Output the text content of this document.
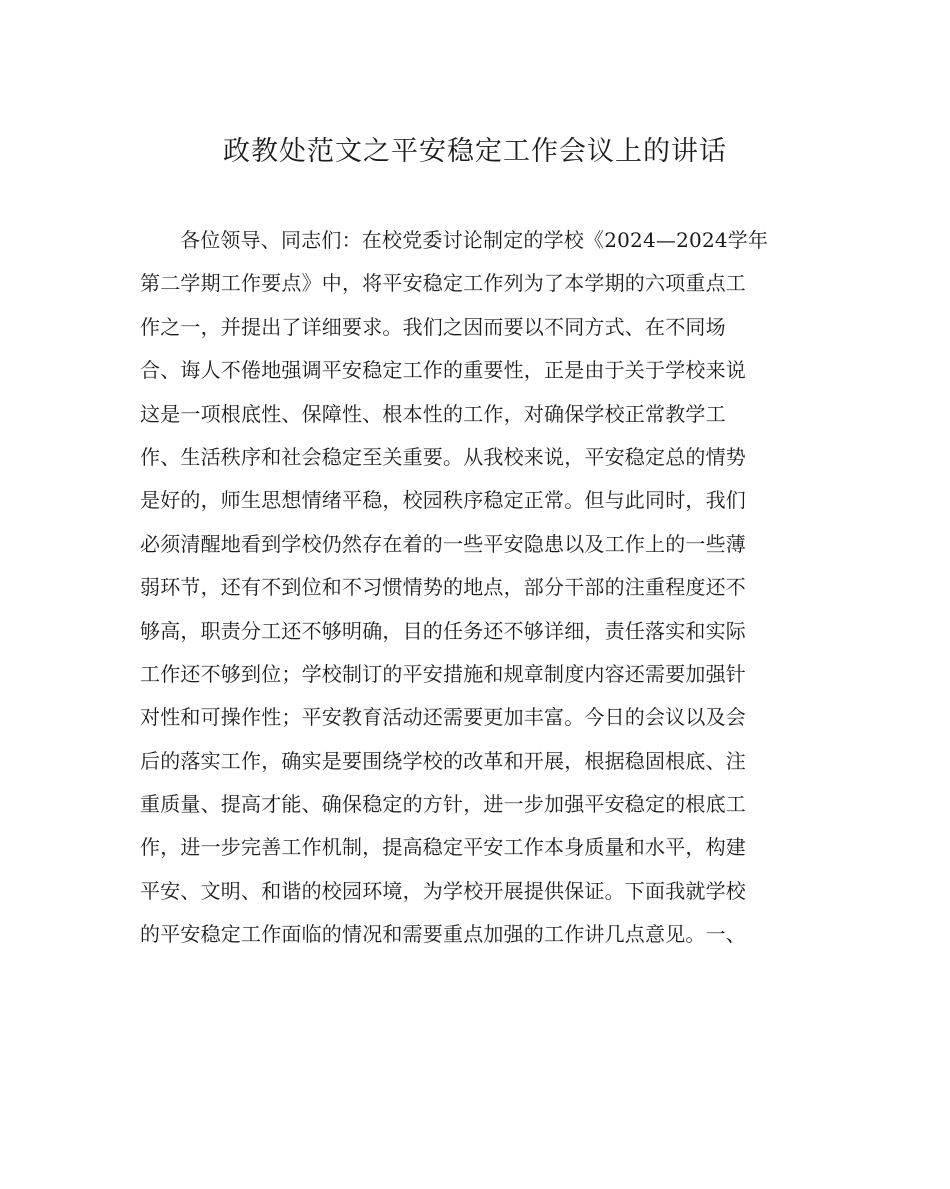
政教处范文之平安稳定工作会议上的讲话
各位领导、同志们：在校党委讨论制定的学校《2024—2024学年
第二学期工作要点》中，将平安稳定工作列为了本学期的六项重点工
作之一，并提出了详细要求。我们之因而要以不同方式、在不同场
合、诲人不倦地强调平安稳定工作的重要性，正是由于关于学校来说
这是一项根底性、保障性、根本性的工作，对确保学校正常教学工
作、生活秩序和社会稳定至关重要。从我校来说，平安稳定总的情势
是好的，师生思想情绪平稳，校园秩序稳定正常。但与此同时，我们
必须清醒地看到学校仍然存在着的一些平安隐患以及工作上的一些薄
弱环节，还有不到位和不习惯情势的地点，部分干部的注重程度还不
够高，职责分工还不够明确，目的任务还不够详细，责任落实和实际
工作还不够到位；学校制订的平安措施和规章制度内容还需要加强针
对性和可操作性；平安教育活动还需要更加丰富。今日的会议以及会
后的落实工作，确实是要围绕学校的改革和开展，根据稳固根底、注
重质量、提高才能、确保稳定的方针，进一步加强平安稳定的根底工
作，进一步完善工作机制，提高稳定平安工作本身质量和水平，构建
平安、文明、和谐的校园环境，为学校开展提供保证。下面我就学校
的平安稳定工作面临的情况和需要重点加强的工作讲几点意见。一、
